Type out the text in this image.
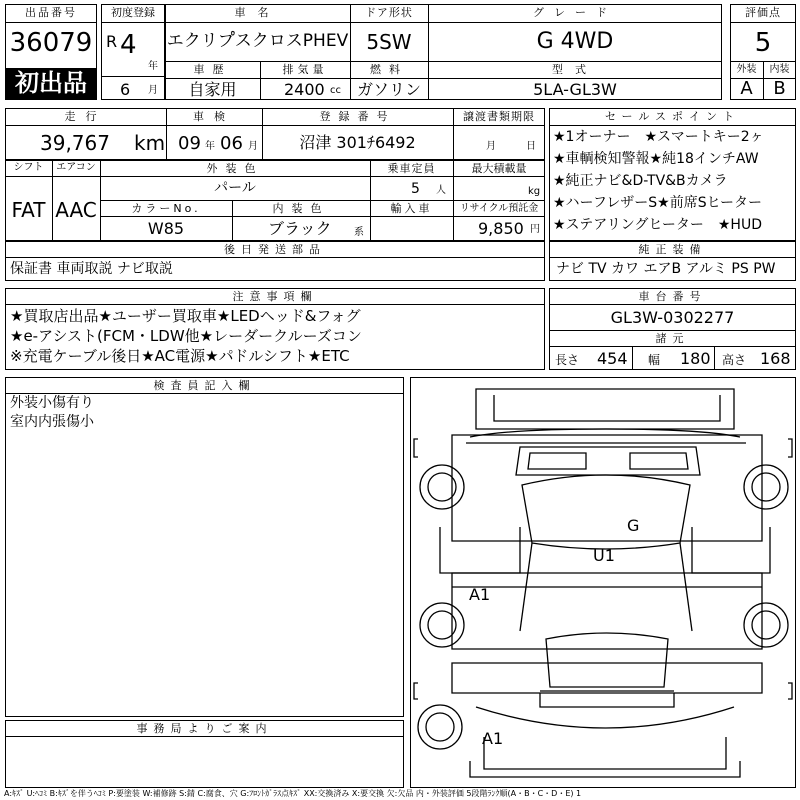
出品番号
36079
初出品
初度登録
R 4
年
6 月
車名
エクリプ゚スクロスPHEV
ドア形状
5SW
グレード
G 4WD
車歴
自家用
排気量
2400 cc
燃料
ガソリン
型式
5LA-GL3W
評価点
5
外装	内装
A	B
走行
39,767 km
車検
09 年 06 月
登録番号
沼津 301ﾁ6492
譲渡書類期限
月	日
シフト
FAT
エアコン
AAC
外装色
パール
乗車定員
5 人
最大積載量
kg
カラーNo.
W85
内装色
ブラック 系
輸入車	リサイクル預託金
9,850 円
後日発送部品
保証書 車両取説 ナビ取説
セールスポイント
★1オーナー　★スマートキー2ヶ
★車輌検知警報★純18インチAW
★純正ナビ&D-TV&Bカメラ
★ハーフレザーS★前席Sヒーター
★ステアリングヒーター　★HUD
純正装備
ナビ TV カワ エアB アルミ PS PW
注意事項欄
★買取店出品★ユーザー買取車★LEDヘッド&フォグ
★e-アシスト(FCM・LDW他★レーダークルーズコン
※充電ケーブル後日★AC電源★パドルシフト★ETC
車台番号
GL3W-0302277
諸元
長さ 454 幅 180 高さ 168
検査員記入欄
外装小傷有り
室内内張傷小
事務局よりご案内
G
U1
A1
A1
A:ｷｽﾞ U:ﾍｺﾐ B:ｷｽﾞを伴うﾍｺﾐ P:要塗装 W:補修跡 S:錆 C:腐食、穴 G:ﾌﾛﾝﾄｶﾞﾗｽ点ｷｽﾞ XX:交換済み X:要交換 欠:欠品 内・外装評価 5段階ﾗﾝｸ順(A・B・C・D・E) 1
